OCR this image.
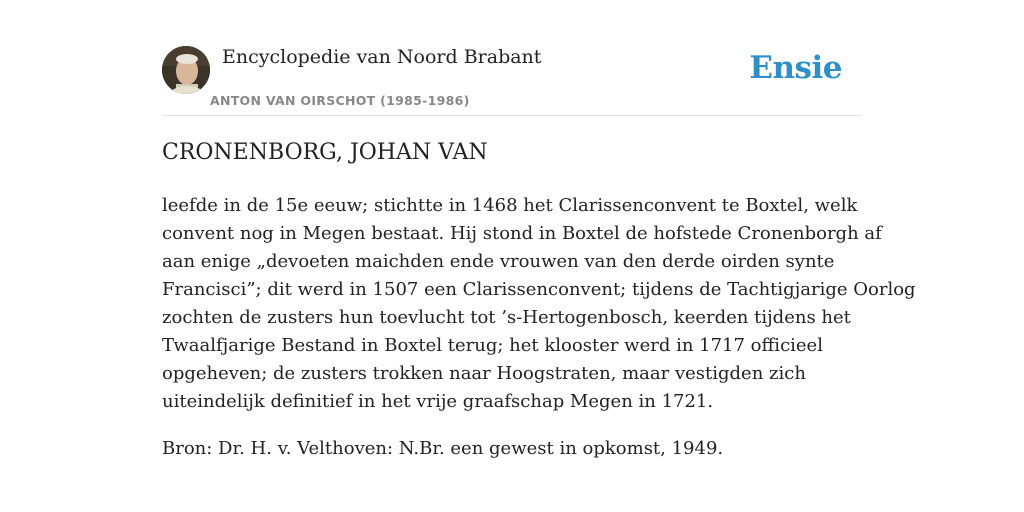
Encyclopedie van Noord Brabant
ANTON VAN OIRSCHOT (1985-1986)
Ensie
CRONENBORG, JOHAN VAN

leefde in de 15e eeuw; stichtte in 1468 het Clarissenconvent te Boxtel, welk
convent nog in Megen bestaat. Hij stond in Boxtel de hofstede Cronenborgh af
aan enige „devoeten maichden ende vrouwen van den derde oirden synte
Francisci”; dit werd in 1507 een Clarissenconvent; tijdens de Tachtigjarige Oorlog
zochten de zusters hun toevlucht tot ’s-Hertogenbosch, keerden tijdens het
Twaalfjarige Bestand in Boxtel terug; het klooster werd in 1717 officieel
opgeheven; de zusters trokken naar Hoogstraten, maar vestigden zich
uiteindelijk definitief in het vrije graafschap Megen in 1721.

Bron: Dr. H. v. Velthoven: N.Br. een gewest in opkomst, 1949.
